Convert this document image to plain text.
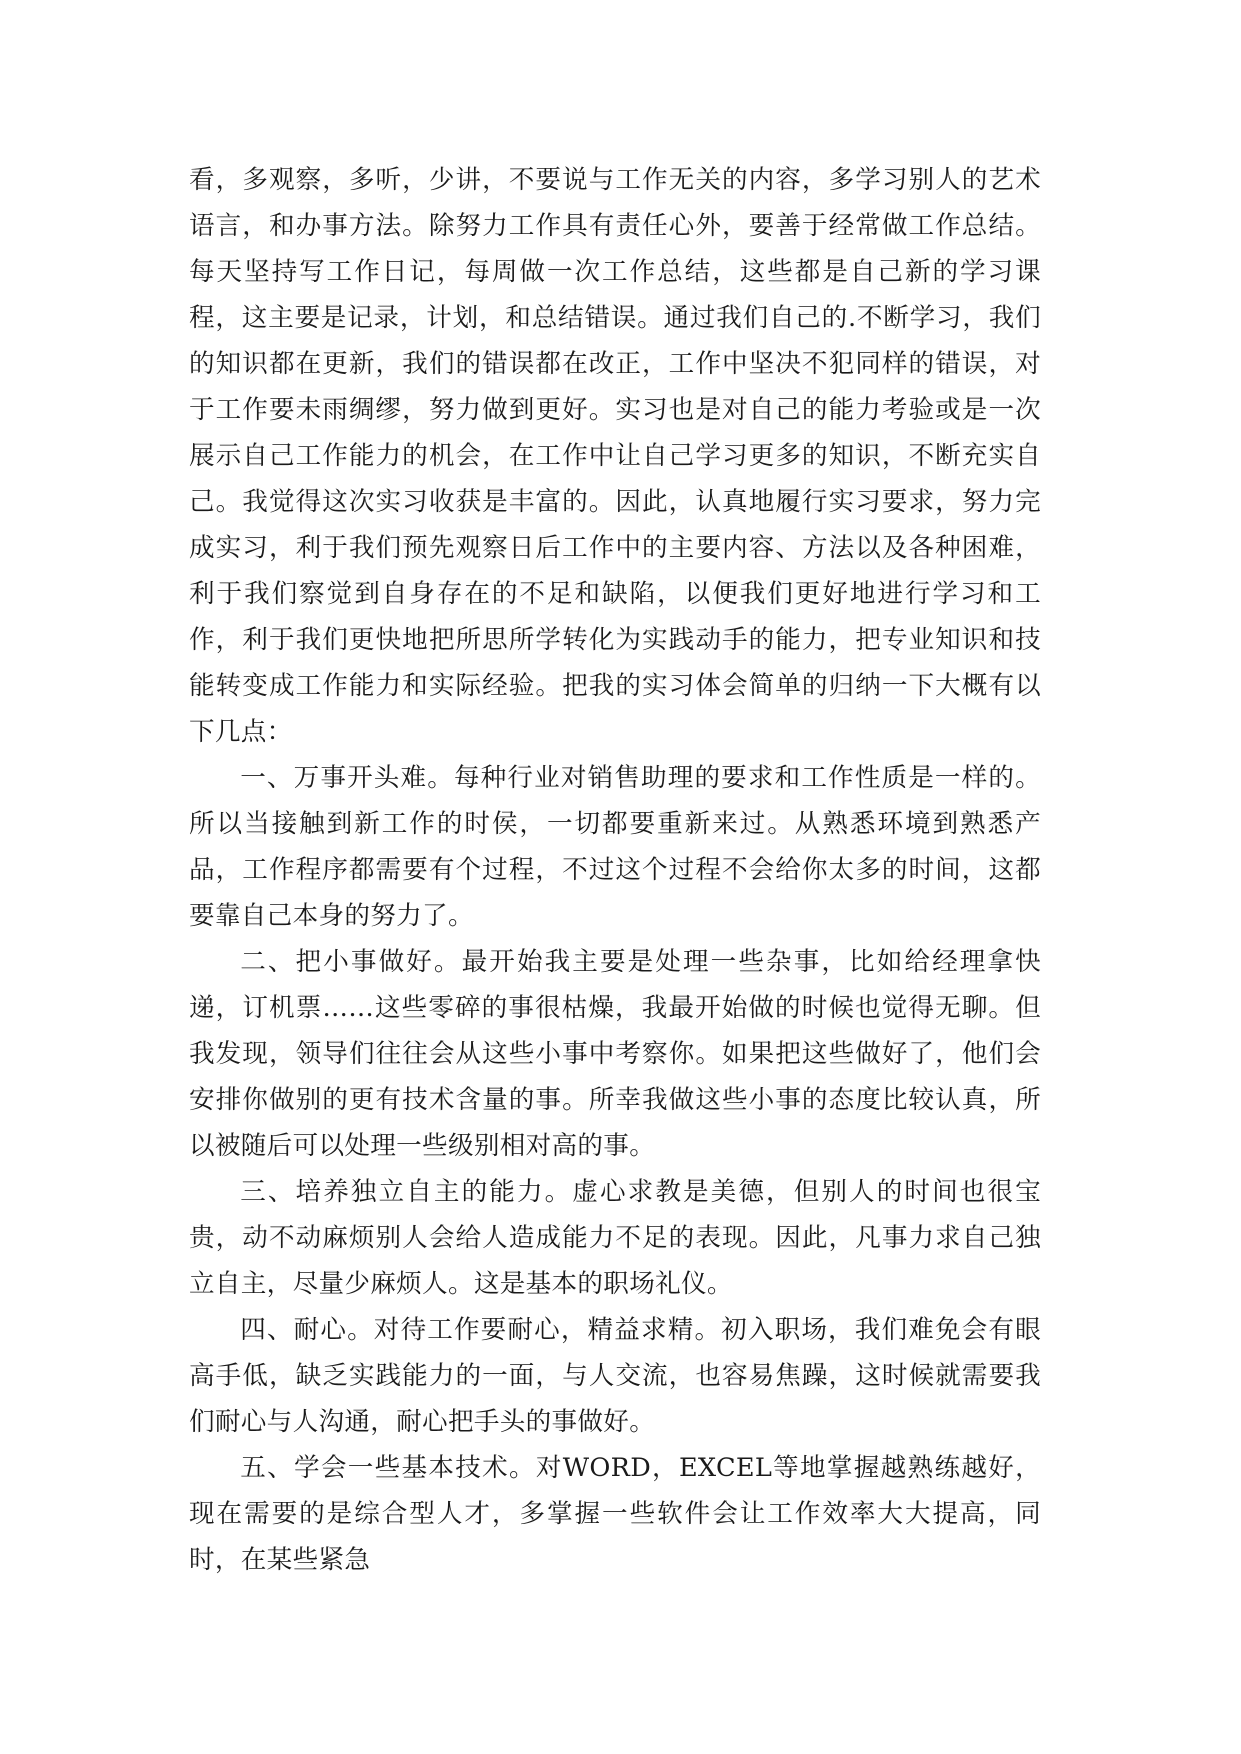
看，多观察，多听，少讲，不要说与工作无关的内容，多学习别人的艺术语言，和办事方法。除努力工作具有责任心外，要善于经常做工作总结。每天坚持写工作日记，每周做一次工作总结，这些都是自己新的学习课程，这主要是记录，计划，和总结错误。通过我们自己的.不断学习，我们的知识都在更新，我们的错误都在改正，工作中坚决不犯同样的错误，对于工作要未雨绸缪，努力做到更好。实习也是对自己的能力考验或是一次展示自己工作能力的机会，在工作中让自己学习更多的知识，不断充实自己。我觉得这次实习收获是丰富的。因此，认真地履行实习要求，努力完成实习，利于我们预先观察日后工作中的主要内容、方法以及各种困难，利于我们察觉到自身存在的不足和缺陷，以便我们更好地进行学习和工作，利于我们更快地把所思所学转化为实践动手的能力，把专业知识和技能转变成工作能力和实际经验。把我的实习体会简单的归纳一下大概有以下几点：

一、万事开头难。每种行业对销售助理的要求和工作性质是一样的。所以当接触到新工作的时侯，一切都要重新来过。从熟悉环境到熟悉产品，工作程序都需要有个过程，不过这个过程不会给你太多的时间，这都要靠自己本身的努力了。

二、把小事做好。最开始我主要是处理一些杂事，比如给经理拿快递，订机票……这些零碎的事很枯燥，我最开始做的时候也觉得无聊。但我发现，领导们往往会从这些小事中考察你。如果把这些做好了，他们会安排你做别的更有技术含量的事。所幸我做这些小事的态度比较认真，所以被随后可以处理一些级别相对高的事。

三、培养独立自主的能力。虚心求教是美德，但别人的时间也很宝贵，动不动麻烦别人会给人造成能力不足的表现。因此，凡事力求自己独立自主，尽量少麻烦人。这是基本的职场礼仪。

四、耐心。对待工作要耐心，精益求精。初入职场，我们难免会有眼高手低，缺乏实践能力的一面，与人交流，也容易焦躁，这时候就需要我们耐心与人沟通，耐心把手头的事做好。

五、学会一些基本技术。对WORD，EXCEL等地掌握越熟练越好，现在需要的是综合型人才，多掌握一些软件会让工作效率大大提高，同时，在某些紧急
